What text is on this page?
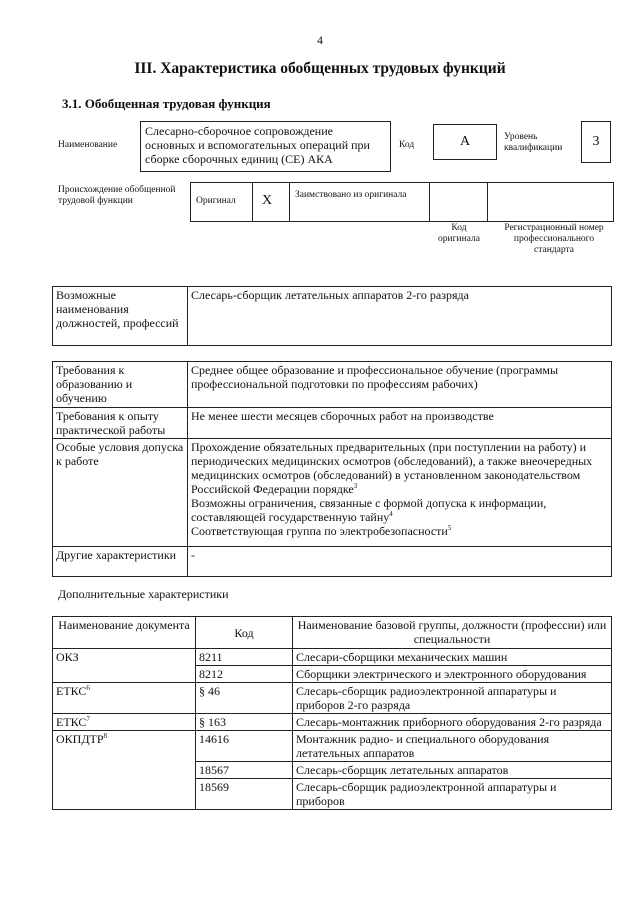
4
III. Характеристика обобщенных трудовых функций
3.1. Обобщенная трудовая функция
Наименование
Слесарно-сборочное сопровождение основных и вспомогательных операций при сборке сборочных единиц (СЕ) АКА
Код	A	Уровень квалификации	3
Происхождение обобщенной трудовой функции	Оригинал X Заимствовано из оригинала
Код оригинала
Регистрационный номер профессионального стандарта
Возможные наименования должностей, профессий	Слесарь-сборщик летательных аппаратов 2-го разряда
Требования к образованию и обучению	Среднее общее образование и профессиональное обучение (программы профессиональной подготовки по профессиям рабочих)
Требования к опыту практической работы	Не менее шести месяцев сборочных работ на производстве
Особые условия допуска к работе	Прохождение обязательных предварительных (при поступлении на работу) и периодических медицинских осмотров (обследований), а также внеочередных медицинских осмотров (обследований) в установленном законодательством Российской Федерации порядке$^3$
Возможны ограничения, связанные с формой допуска к информации, составляющей государственную тайну$^4$
Соответствующая группа по электробезопасности$^5$
Другие характеристики	-
Дополнительные характеристики
Наименование документа	Код	Наименование базовой группы, должности (профессии) или специальности
ОКЗ	8211	Слесари-сборщики механических машин
	8212	Сборщики электрического и электронного оборудования
ЕТКС$^6$	§ 46	Слесарь-сборщик радиоэлектронной аппаратуры и приборов 2-го разряда
ЕТКС$^7$	§ 163	Слесарь-монтажник приборного оборудования 2-го разряда
ОКПДТР$^8$	14616	Монтажник радио- и специального оборудования летательных аппаратов
	18567	Слесарь-сборщик летательных аппаратов
	18569	Слесарь-сборщик радиоэлектронной аппаратуры и приборов
